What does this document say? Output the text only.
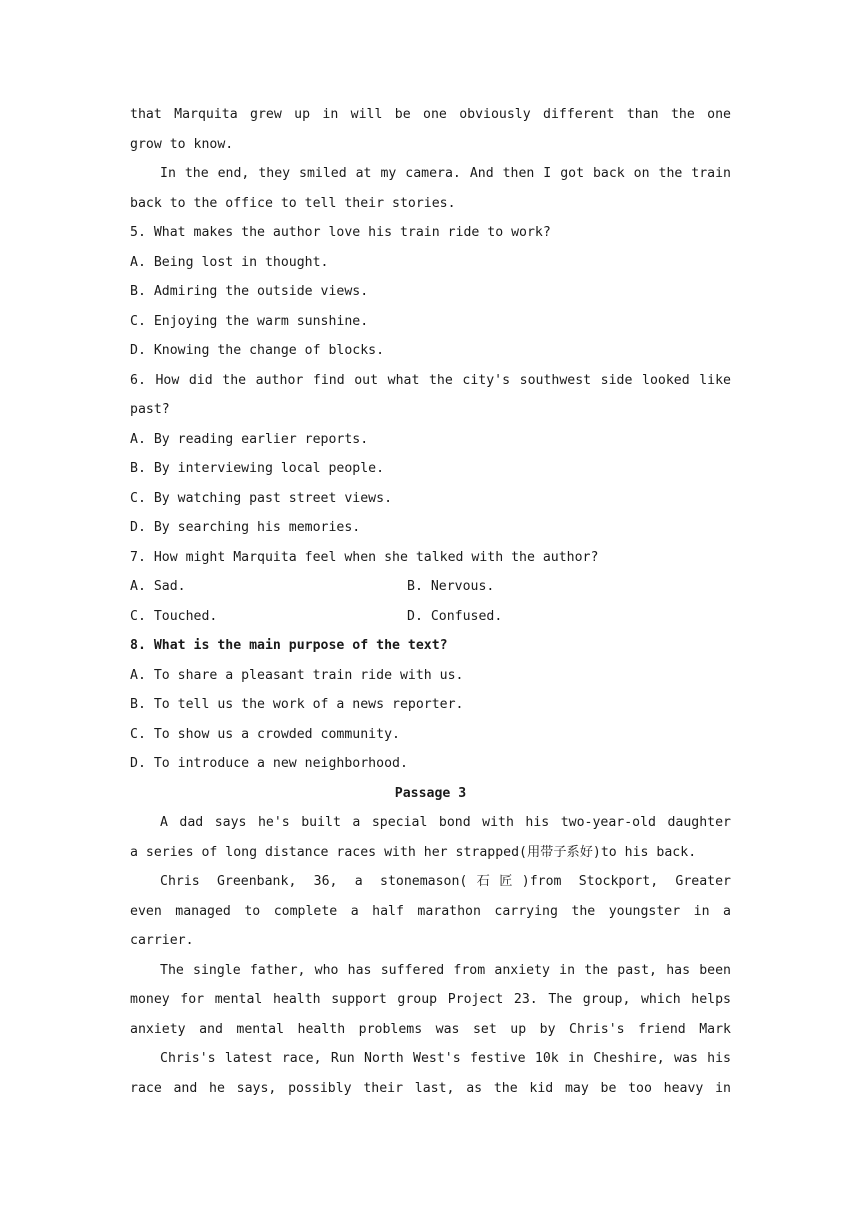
that Marquita grew up in will be one obviously different than the one
grow to know.
In the end, they smiled at my camera. And then I got back on the train
back to the office to tell their stories.
5. What makes the author love his train ride to work?
A. Being lost in thought.
B. Admiring the outside views.
C. Enjoying the warm sunshine.
D. Knowing the change of blocks.
6. How did the author find out what the city's southwest side looked like
past?
A. By reading earlier reports.
B. By interviewing local people.
C. By watching past street views.
D. By searching his memories.
7. How might Marquita feel when she talked with the author?
A. Sad.	B. Nervous.
C. Touched.	D. Confused.
8. What is the main purpose of the text?
A. To share a pleasant train ride with us.
B. To tell us the work of a news reporter.
C. To show us a crowded community.
D. To introduce a new neighborhood.
Passage 3
A dad says he's built a special bond with his two-year-old daughter
a series of long distance races with her strapped(用带子系好)to his back.
Chris Greenbank, 36, a stonemason(石匠)from Stockport, Greater
even managed to complete a half marathon carrying the youngster in a
carrier.
The single father, who has suffered from anxiety in the past, has been
money for mental health support group Project 23. The group, which helps
anxiety and mental health problems was set up by Chris's friend Mark
Chris's latest race, Run North West's festive 10k in Cheshire, was his
race and he says, possibly their last, as the kid may be too heavy in
